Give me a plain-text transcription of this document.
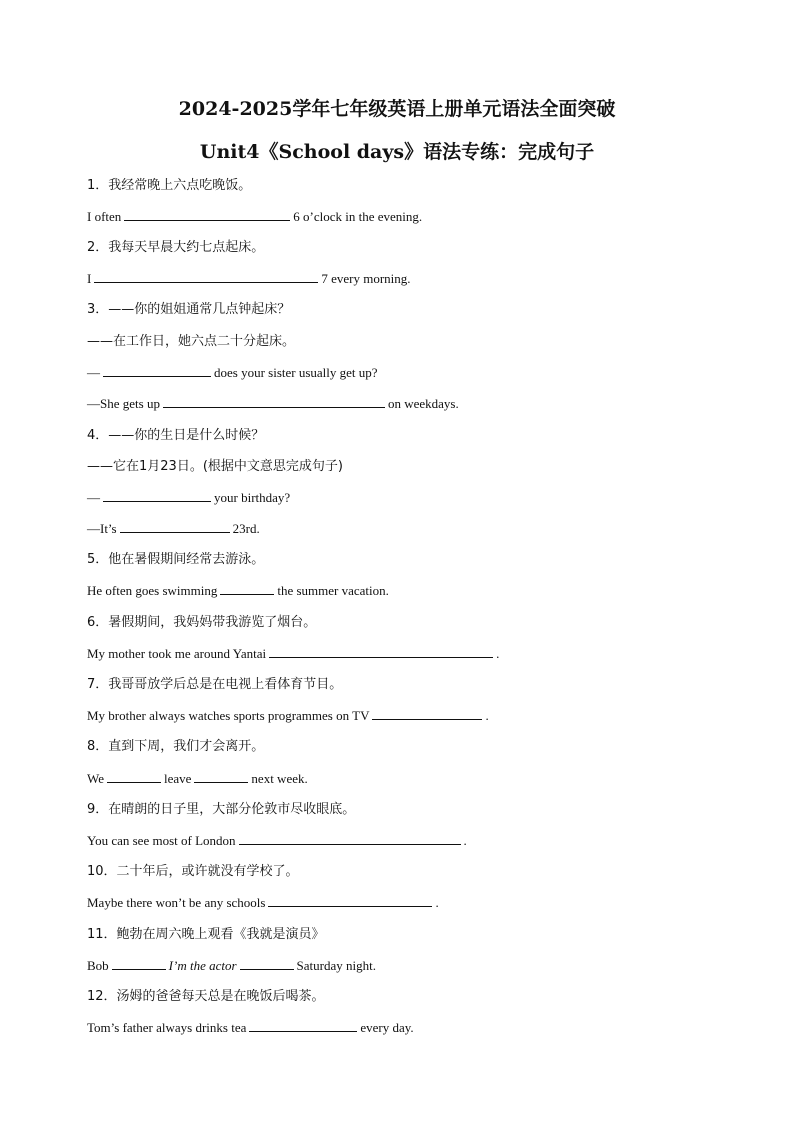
2024-2025学年七年级英语上册单元语法全面突破
Unit4《School days》语法专练：完成句子
1．我经常晚上六点吃晚饭。
I often	6 o’clock in the evening.
2．我每天早晨大约七点起床。
I	7 every morning.
3．——你的姐姐通常几点钟起床？
——在工作日，她六点二十分起床。
—	does your sister usually get up?
—She gets up	on weekdays.
4．——你的生日是什么时候？
——它在1月23日。(根据中文意思完成句子)
—	your birthday?
—It’s	23rd.
5．他在暑假期间经常去游泳。
He often goes swimming	the summer vacation.
6．暑假期间，我妈妈带我游览了烟台。
My mother took me around Yantai	.
7．我哥哥放学后总是在电视上看体育节目。
My brother always watches sports programmes on TV	.
8．直到下周，我们才会离开。
We	leave	next week.
9．在晴朗的日子里，大部分伦敦市尽收眼底。
You can see most of London	.
10．二十年后，或许就没有学校了。
Maybe there won’t be any schools	.
11．鲍勃在周六晚上观看《我就是演员》
Bob	I’m the actor	Saturday night.
12．汤姆的爸爸每天总是在晚饭后喝茶。
Tom’s father always drinks tea	every day.
